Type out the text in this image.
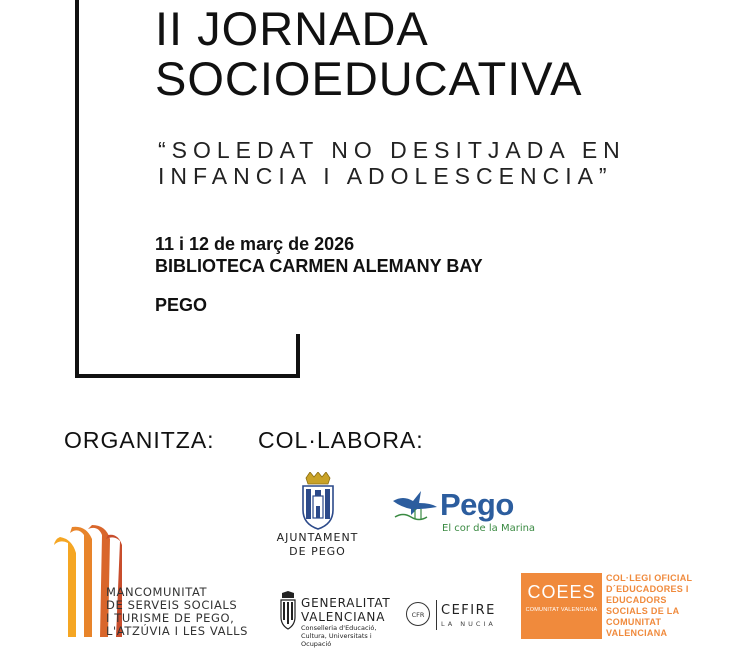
II JORNADA
SOCIOEDUCATIVA
“SOLEDAT NO DESITJADA EN
INFANCIA I ADOLESCENCIA”
11 i 12 de març de 2026
BIBLIOTECA CARMEN ALEMANY BAY
PEGO
ORGANITZA: COL·LABORA:
AJUNTAMENT
DE PEGO
Pego
El cor de la Marina
MANCOMUNITAT
DE SERVEIS SOCIALS
I TURISME DE PEGO,
L'ATZÚVIA I LES VALLS
GENERALITAT
VALENCIANA
Conselleria d'Educació, Cultura, Universitats i Ocupació
CFR	CEFIRE
LA NUCIA
COEES
COMUNITAT VALENCIANA
COL·LEGI OFICIAL
D´EDUCADORES I
EDUCADORS
SOCIALS DE LA
COMUNITAT
VALENCIANA
